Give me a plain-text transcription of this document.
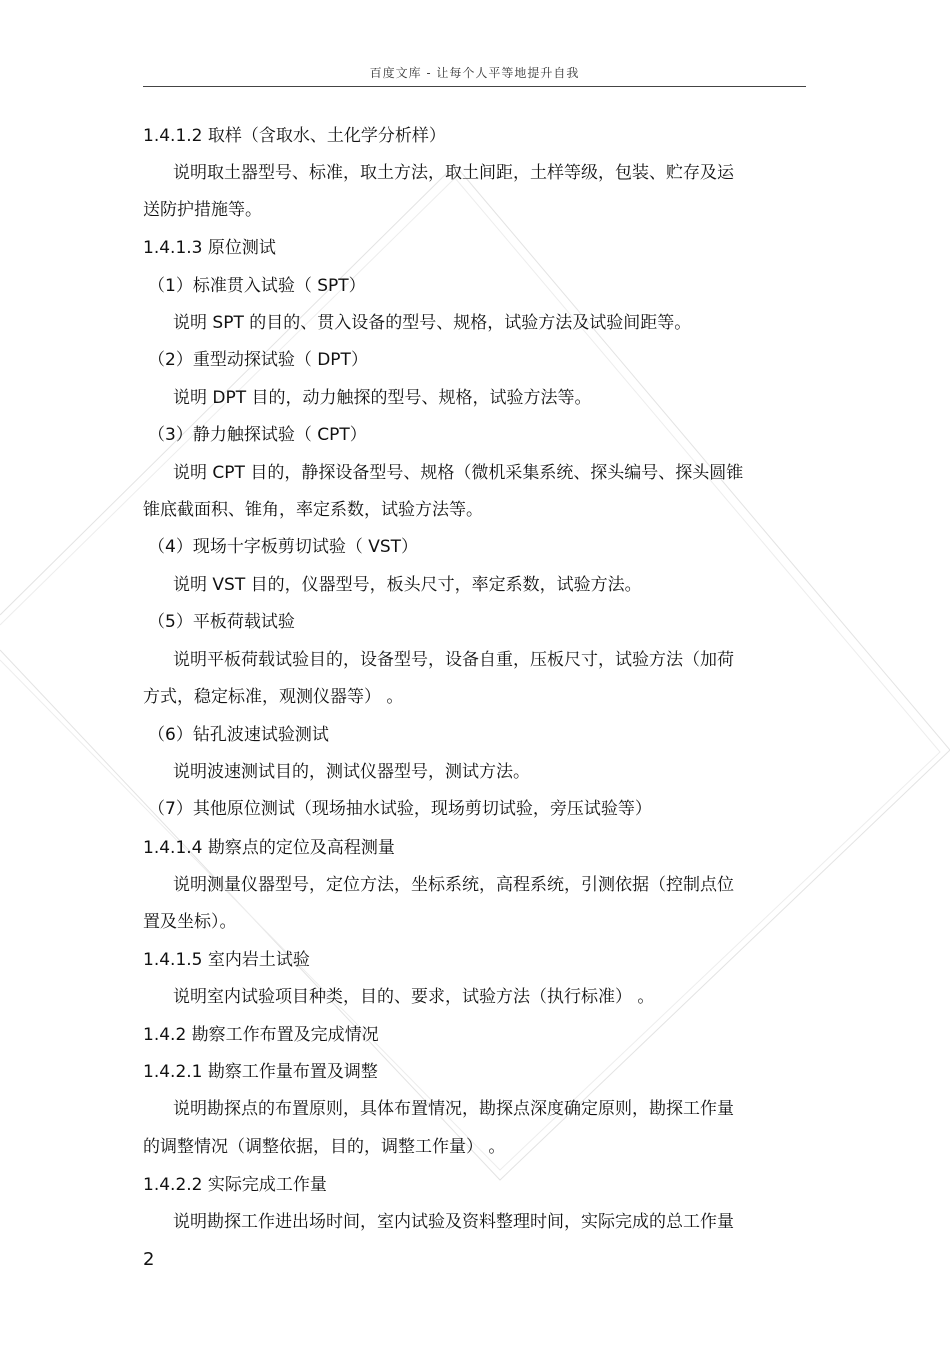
百度文库 - 让每个人平等地提升自我
1.4.1.2 取样（含取水、土化学分析样）
说明取土器型号、标准，取土方法，取土间距，土样等级，包装、贮存及运
送防护措施等。
1.4.1.3 原位测试
（1）标准贯入试验（ SPT）
说明 SPT 的目的、贯入设备的型号、规格，试验方法及试验间距等。
（2）重型动探试验（ DPT）
说明 DPT 目的，动力触探的型号、规格，试验方法等。
（3）静力触探试验（ CPT）
说明 CPT 目的，静探设备型号、规格（微机采集系统、探头编号、探头圆锥
锥底截面积、锥角，率定系数，试验方法等。
（4）现场十字板剪切试验（ VST）
说明 VST 目的，仪器型号，板头尺寸，率定系数，试验方法。
（5）平板荷载试验
说明平板荷载试验目的，设备型号，设备自重，压板尺寸，试验方法（加荷
方式，稳定标准，观测仪器等） 。
（6）钻孔波速试验测试
说明波速测试目的，测试仪器型号，测试方法。
（7）其他原位测试（现场抽水试验，现场剪切试验，旁压试验等）
1.4.1.4 勘察点的定位及高程测量
说明测量仪器型号，定位方法，坐标系统，高程系统，引测依据（控制点位
置及坐标）。
1.4.1.5 室内岩土试验
说明室内试验项目种类，目的、要求，试验方法（执行标准） 。
1.4.2 勘察工作布置及完成情况
1.4.2.1 勘察工作量布置及调整
说明勘探点的布置原则，具体布置情况，勘探点深度确定原则，勘探工作量
的调整情况（调整依据，目的，调整工作量） 。
1.4.2.2 实际完成工作量
说明勘探工作进出场时间，室内试验及资料整理时间，实际完成的总工作量
2
